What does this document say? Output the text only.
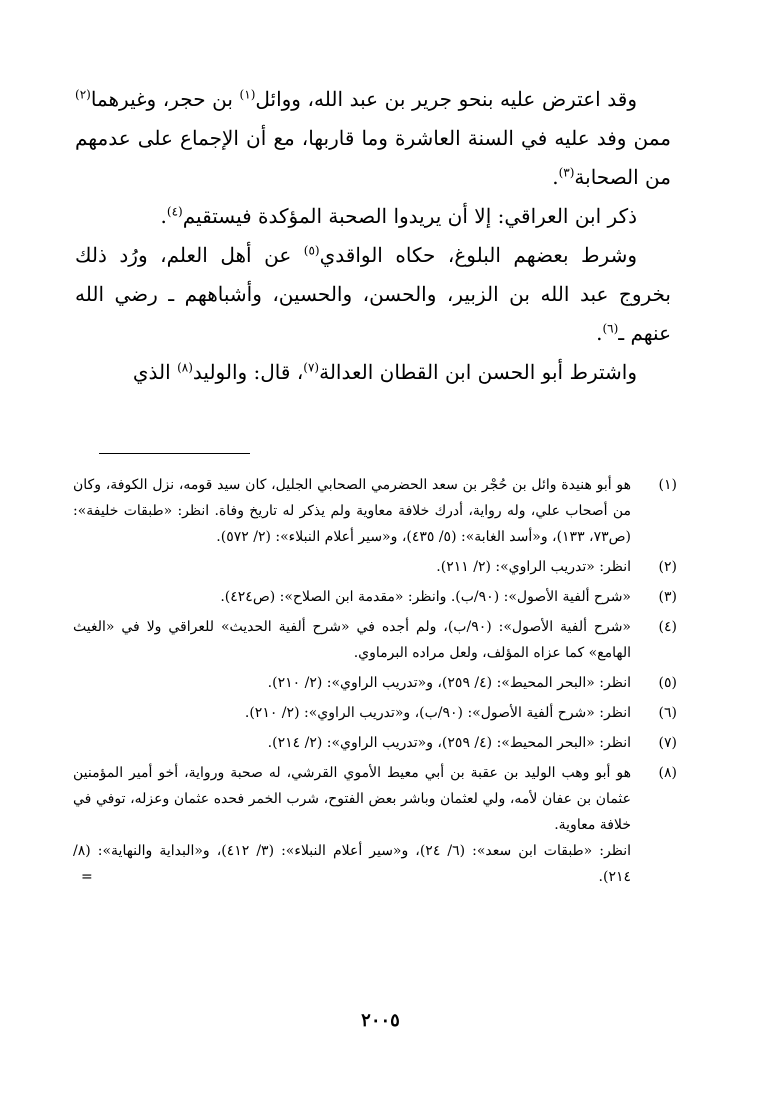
وقد اعترض عليه بنحو جرير بن عبد الله، ووائل$^{(١)}$ بن حجر، وغيرهما$^{(٢)}$ ممن وفد عليه في السنة العاشرة وما قاربها، مع أن الإجماع على عدمهم من الصحابة$^{(٣)}$.

ذكر ابن العراقي: إلا أن يريدوا الصحبة المؤكدة فيستقيم$^{(٤)}$.

وشرط بعضهم البلوغ، حكاه الواقدي$^{(٥)}$ عن أهل العلم، ورُد ذلك بخروج عبد الله بن الزبير، والحسن، والحسين، وأشباههم ـ رضي الله عنهم ـ$^{(٦)}$.

واشترط أبو الحسن ابن القطان العدالة$^{(٧)}$، قال: والوليد$^{(٨)}$ الذي

(١)

هو أبو هنيدة وائل بن حُجْر بن سعد الحضرمي الصحابي الجليل، كان سيد قومه، نزل الكوفة، وكان من أصحاب علي، وله رواية، أدرك خلافة معاوية ولم يذكر له تاريخ وفاة. انظر: «طبقات خليفة»: (ص٧٣، ١٣٣)، و«أسد الغابة»: (٥/ ٤٣٥)، و«سير أعلام النبلاء»: (٢/ ٥٧٢).

(٢)

انظر: «تدريب الراوي»: (٢/ ٢١١).

(٣)

«شرح ألفية الأصول»: (٩٠/ب). وانظر: «مقدمة ابن الصلاح»: (ص٤٢٤).

(٤)

«شرح ألفية الأصول»: (٩٠/ب)، ولم أجده في «شرح ألفية الحديث» للعراقي ولا في «الغيث الهامع» كما عزاه المؤلف، ولعل مراده البرماوي.

(٥)

انظر: «البحر المحيط»: (٤/ ٢٥٩)، و«تدريب الراوي»: (٢/ ٢١٠).

(٦)

انظر: «شرح ألفية الأصول»: (٩٠/ب)، و«تدريب الراوي»: (٢/ ٢١٠).

(٧)

انظر: «البحر المحيط»: (٤/ ٢٥٩)، و«تدريب الراوي»: (٢/ ٢١٤).

(٨)

هو أبو وهب الوليد بن عقبة بن أبي معيط الأموي القرشي، له صحبة ورواية، أخو أمير المؤمنين عثمان بن عفان لأمه، ولي لعثمان وباشر بعض الفتوح، شرب الخمر فحده عثمان وعزله، توفي في خلافة معاوية.

انظر: «طبقات ابن سعد»: (٦/ ٢٤)، و«سير أعلام النبلاء»: (٣/ ٤١٢)، و«البداية والنهاية»: (٨/ ٢١٤).

=
٢٠٠٥
